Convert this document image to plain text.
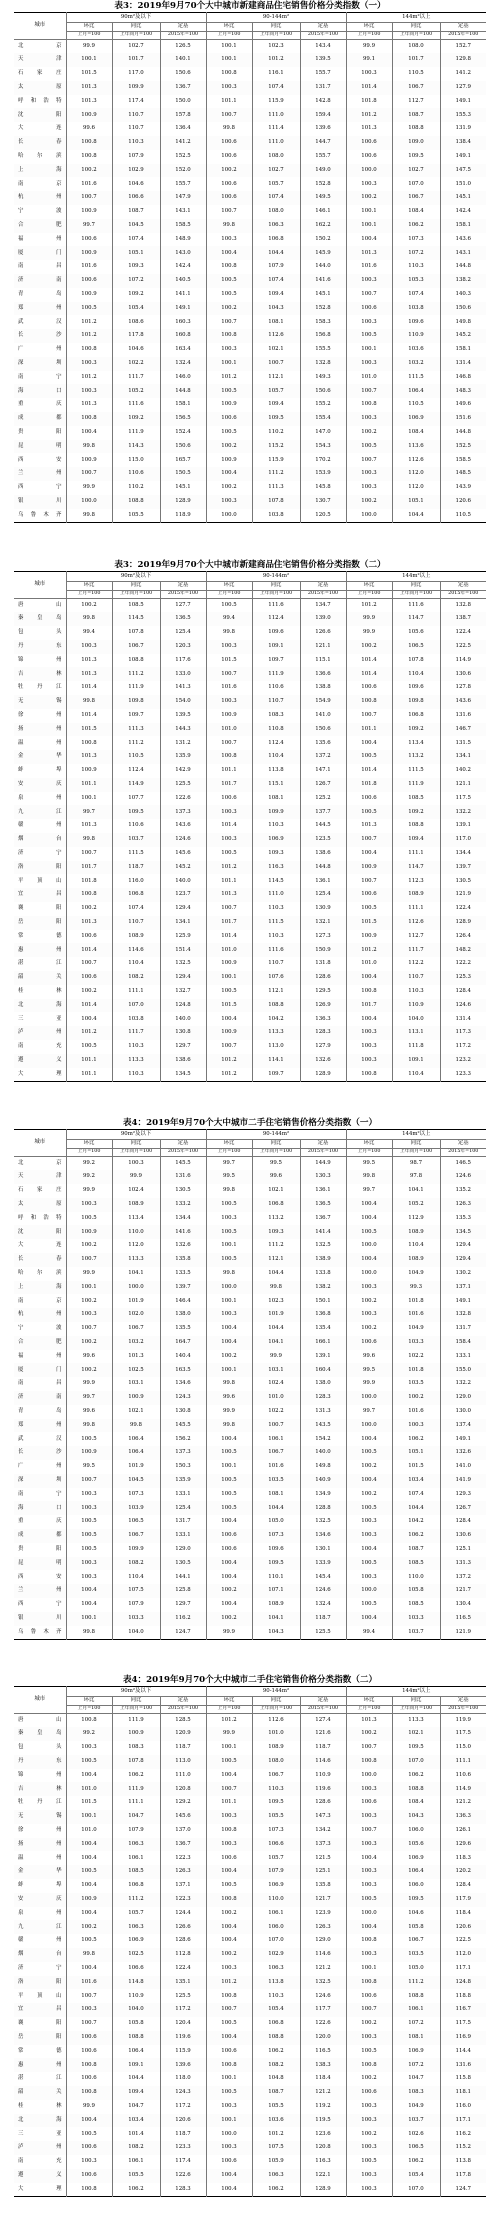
表3：2019年9月70个大中城市新建商品住宅销售价格分类指数（一）
城市	90m²及以下			90-144m²			144m²以上		
	环比	同比	定基	环比	同比	定基	环比	同比	定基
	上月=100	上年同月=100	2015年=100	上月=100	上年同月=100	2015年=100	上月=100	上年同月=100	2015年=100
北　京	99.9	102.7	126.5	100.1	102.3	143.4	99.9	108.0	152.7
天　津	100.1	101.7	140.1	100.1	101.2	139.5	99.1	101.7	129.8
石家庄	101.5	117.0	150.6	100.8	116.1	155.7	100.3	110.5	141.2
太　原	101.3	109.9	136.7	100.3	107.4	131.7	101.4	106.7	127.9
呼和浩特	101.3	117.4	150.0	101.1	115.9	142.8	101.8	112.7	149.1
沈　阳	100.9	110.7	157.8	100.7	111.0	159.4	101.2	108.7	155.3
大　连	99.6	110.7	136.4	99.8	111.4	139.6	101.3	108.8	131.9
长　春	100.8	110.3	141.2	100.6	111.0	144.7	100.6	109.0	138.4
哈尔滨	100.8	107.9	152.5	100.6	108.0	155.7	100.6	109.5	149.1
上　海	100.2	102.9	152.0	100.2	102.7	149.0	100.0	102.7	147.5
南　京	101.6	104.6	155.7	100.6	105.7	152.8	100.3	107.0	151.0
杭　州	100.7	106.6	147.9	100.6	107.4	149.5	100.2	106.7	145.1
宁　波	100.9	108.7	143.1	100.7	108.0	146.1	100.1	108.4	142.4
合　肥	99.7	104.5	158.5	99.8	106.3	162.2	100.1	106.2	158.1
福　州	100.6	107.4	148.9	100.3	106.8	150.2	100.4	107.3	143.6
厦　门	100.9	105.1	143.0	100.4	104.4	145.9	101.3	107.2	143.1
南　昌	101.6	109.3	142.4	100.8	107.9	144.0	101.6	110.3	144.8
济　南	100.6	107.2	140.5	100.5	107.4	141.6	100.3	105.3	138.2
青　岛	100.9	109.2	141.1	100.5	109.4	145.1	100.7	107.4	140.3
郑　州	100.5	105.4	149.1	100.2	104.3	152.8	100.6	103.8	150.6
武　汉	101.2	108.6	160.3	100.7	108.1	158.3	100.3	109.6	149.8
长　沙	101.2	117.8	160.8	100.8	112.6	156.8	100.5	110.9	145.2
广　州	100.8	104.6	163.4	100.3	102.1	155.5	100.1	103.6	158.1
深　圳	100.3	102.2	132.4	100.1	100.7	132.8	100.3	103.2	131.4
南　宁	101.2	111.7	146.0	101.2	112.1	149.3	101.0	111.5	146.8
海　口	100.3	105.2	144.8	100.5	105.7	150.6	100.7	106.4	148.3
重　庆	101.3	111.6	158.1	100.9	109.4	155.2	100.8	110.5	149.6
成　都	100.8	109.2	156.5	100.6	109.5	155.4	100.3	106.9	151.6
贵　阳	100.4	111.9	152.4	100.5	110.2	147.0	100.2	108.4	144.8
昆　明	99.8	114.3	150.6	100.2	115.2	154.3	100.5	113.6	152.5
西　安	100.9	115.0	165.7	100.9	115.9	170.2	100.7	112.6	158.5
兰　州	100.7	110.6	150.5	100.4	111.2	153.9	100.3	112.0	148.5
西　宁	99.9	110.2	145.1	100.2	111.3	145.8	100.3	112.0	143.9
银　川	100.0	108.8	128.9	100.3	107.8	130.7	100.2	105.1	120.6
乌鲁木齐	99.8	105.5	118.9	100.0	103.8	120.5	100.0	104.4	110.5
表3：2019年9月70个大中城市新建商品住宅销售价格分类指数（二）
城市	90m²及以下			90-144m²			144m²以上		
	环比	同比	定基	环比	同比	定基	环比	同比	定基
	上月=100	上年同月=100	2015年=100	上月=100	上年同月=100	2015年=100	上月=100	上年同月=100	2015年=100
唐　山	100.2	108.5	127.7	100.5	111.6	134.7	101.2	111.6	132.8
秦皇岛	99.8	114.5	136.5	99.4	112.4	139.0	99.9	114.7	138.7
包　头	99.4	107.8	125.4	99.8	109.6	126.6	99.9	105.6	122.4
丹　东	100.3	106.7	120.3	100.3	109.1	121.1	100.2	106.5	122.5
锦　州	101.3	108.8	117.6	101.5	109.7	115.1	101.4	107.8	114.9
吉　林	101.3	111.2	133.0	100.7	111.9	136.6	101.4	110.4	130.6
牡丹江	101.4	111.9	141.3	101.6	110.6	138.8	100.6	109.6	127.8
无　锡	99.8	109.8	154.0	100.3	110.7	154.9	100.8	109.8	143.6
徐　州	101.4	109.7	139.5	100.9	108.3	141.0	100.7	106.8	131.6
扬　州	101.5	111.3	144.3	101.0	110.8	150.6	101.1	109.2	146.7
温　州	100.8	111.2	131.2	100.7	112.4	135.6	100.4	113.4	131.5
金　华	101.3	110.5	135.9	100.8	110.4	137.2	100.5	113.2	134.1
蚌　埠	100.9	112.4	142.9	101.1	113.8	147.1	101.4	111.5	140.2
安　庆	101.1	114.9	125.5	101.7	115.1	126.7	101.8	111.9	121.1
泉　州	100.1	107.7	122.6	100.6	108.1	125.2	100.6	108.5	117.5
九　江	99.7	109.5	137.3	100.3	109.9	137.7	100.5	109.2	132.2
赣　州	101.3	110.6	143.6	101.4	110.3	144.5	101.3	108.8	139.1
烟　台	99.8	103.7	124.6	100.3	106.9	123.5	100.7	109.4	117.0
济　宁	100.7	111.5	145.6	100.5	109.3	138.6	100.4	111.1	134.4
洛　阳	101.7	118.7	145.2	101.2	116.3	144.8	100.9	114.7	139.7
平顶山	101.8	116.0	140.0	101.1	114.5	136.1	100.7	112.3	130.5
宜　昌	100.8	106.8	123.7	101.3	111.0	125.4	100.6	108.9	121.9
襄　阳	100.2	107.4	129.4	100.7	110.3	130.9	100.5	111.1	122.4
岳　阳	101.3	110.7	134.1	101.7	111.5	132.1	101.5	112.6	128.9
常　德	100.6	108.9	125.9	101.4	110.3	127.3	100.9	112.7	126.4
惠　州	101.4	114.6	151.4	101.0	111.6	150.9	101.2	111.7	148.2
湛　江	100.7	110.4	132.5	100.9	110.7	131.8	101.0	112.2	122.2
韶　关	100.6	108.2	129.4	100.1	107.6	128.6	100.4	110.7	125.3
桂　林	100.2	111.1	132.7	100.5	112.1	129.5	100.8	110.3	128.4
北　海	101.4	107.0	124.8	101.5	108.8	126.9	101.7	110.9	124.6
三　亚	100.4	103.8	140.0	100.4	104.2	136.3	100.4	104.0	131.4
泸　州	101.2	111.7	130.8	100.9	113.3	128.3	100.3	113.1	117.3
南　充	100.5	110.3	129.7	100.7	113.0	127.9	100.3	111.8	117.2
遵　义	101.1	113.3	138.6	101.2	114.1	132.6	100.3	109.1	123.2
大　理	101.1	110.3	134.5	101.2	109.7	128.9	100.8	110.4	123.3
表4：2019年9月70个大中城市二手住宅销售价格分类指数（一）
城市	90m²及以下			90-144m²			144m²以上		
	环比	同比	定基	环比	同比	定基	环比	同比	定基
	上月=100	上年同月=100	2015年=100	上月=100	上年同月=100	2015年=100	上月=100	上年同月=100	2015年=100
北　京	99.2	100.3	145.5	99.7	99.5	144.9	99.5	98.7	146.5
天　津	99.2	99.9	131.6	99.5	99.6	130.3	99.8	97.8	124.6
石家庄	99.9	102.4	130.5	99.8	102.1	136.1	99.7	104.1	135.2
太　原	100.3	108.9	133.2	100.5	106.8	136.5	100.4	105.2	126.3
呼和浩特	100.5	113.4	134.4	100.3	113.2	136.7	100.4	112.9	135.3
沈　阳	100.9	110.0	141.6	100.5	109.3	141.4	100.5	108.9	134.5
大　连	100.2	112.0	132.6	100.1	111.2	132.5	100.0	110.4	129.4
长　春	100.7	113.3	135.8	100.5	112.1	138.9	100.4	108.9	129.4
哈尔滨	99.9	104.1	133.5	99.8	104.4	133.8	100.0	104.9	130.2
上　海	100.1	100.0	139.7	100.0	99.8	138.2	100.3	99.3	137.1
南　京	100.2	101.9	146.4	100.1	102.3	150.1	100.2	101.8	149.1
杭　州	100.3	102.0	138.0	100.3	101.9	136.8	100.3	101.6	132.8
宁　波	100.7	106.7	135.5	100.4	104.4	135.4	100.2	104.9	131.7
合　肥	100.2	103.2	164.7	100.4	104.1	166.1	100.6	103.3	158.4
福　州	99.6	101.3	140.4	100.2	99.9	139.1	99.6	102.2	133.1
厦　门	100.2	102.5	163.5	100.1	103.1	160.4	99.5	101.8	155.0
南　昌	99.9	103.1	134.6	99.8	102.4	138.0	99.9	103.5	132.2
济　南	99.7	100.9	124.3	99.6	101.0	128.3	100.0	100.2	129.0
青　岛	99.6	102.1	130.8	99.9	102.2	131.3	99.7	101.6	130.0
郑　州	99.8	99.8	145.5	99.8	100.7	143.5	100.0	100.3	137.4
武　汉	100.5	106.4	156.2	100.4	106.1	154.2	100.4	106.2	149.1
长　沙	100.9	106.4	137.3	100.5	106.7	140.0	100.5	105.1	132.6
广　州	99.5	101.9	150.3	100.1	101.6	149.8	100.2	101.5	141.0
深　圳	100.7	104.5	135.9	100.5	103.5	140.9	100.4	103.4	141.9
南　宁	100.3	107.3	133.1	100.5	108.1	134.9	100.2	107.4	129.3
海　口	100.3	103.9	125.4	100.5	104.4	128.8	100.5	104.4	126.7
重　庆	100.5	106.5	131.7	100.4	105.0	132.5	100.3	104.2	128.4
成　都	100.5	106.7	133.1	100.6	107.3	134.6	100.3	106.2	130.6
贵　阳	100.5	109.9	129.0	100.6	109.6	130.1	100.4	108.7	125.1
昆　明	100.3	108.2	130.5	100.4	109.5	133.9	100.5	108.5	131.3
西　安	100.3	110.4	144.1	100.4	110.1	145.4	100.3	110.0	137.2
兰　州	100.4	107.5	125.8	100.2	107.1	124.6	100.0	105.8	121.7
西　宁	100.4	107.9	129.7	100.4	108.9	132.4	100.5	108.5	130.4
银　川	100.1	103.3	116.2	100.2	104.1	118.7	100.4	103.3	116.5
乌鲁木齐	99.8	104.0	124.7	99.9	104.3	125.5	99.4	103.7	121.9
表4：2019年9月70个大中城市二手住宅销售价格分类指数（二）
城市	90m²及以下			90-144m²			144m²以上		
	环比	同比	定基	环比	同比	定基	环比	同比	定基
	上月=100	上年同月=100	2015年=100	上月=100	上年同月=100	2015年=100	上月=100	上年同月=100	2015年=100
唐　山	100.8	111.9	128.5	101.2	112.6	127.4	101.3	113.3	119.9
秦皇岛	99.2	100.9	120.9	99.9	101.0	121.6	100.2	102.1	117.5
包　头	100.3	108.3	118.7	100.1	108.9	118.7	100.7	109.5	115.0
丹　东	100.5	107.8	113.0	100.5	108.0	114.6	100.8	107.0	111.1
锦　州	100.4	106.2	111.0	100.4	106.7	110.9	100.0	106.2	110.6
吉　林	101.0	111.9	120.8	100.7	110.3	119.6	100.3	108.8	114.9
牡丹江	101.5	111.1	129.2	101.1	109.5	128.6	100.6	108.4	121.2
无　锡	100.1	104.7	145.6	100.3	105.5	147.3	100.3	104.3	136.3
徐　州	101.0	107.9	137.0	100.8	107.3	134.2	100.7	106.0	126.1
扬　州	100.4	106.3	136.7	100.3	106.6	137.3	100.3	105.6	129.6
温　州	100.4	106.1	122.3	100.6	105.7	121.5	100.4	106.9	118.3
金　华	100.5	108.5	126.3	100.4	107.9	125.1	100.3	106.4	120.2
蚌　埠	100.4	106.8	137.1	100.5	106.9	135.8	100.3	106.0	128.4
安　庆	100.9	111.2	122.3	100.8	110.0	121.7	100.5	109.5	117.9
泉　州	100.4	105.7	124.4	100.2	106.1	123.9	100.0	104.6	118.4
九　江	100.2	106.3	126.6	100.4	106.0	126.3	100.4	105.8	120.6
赣　州	100.5	106.9	128.6	100.4	107.0	129.0	100.8	106.7	122.5
烟　台	99.8	102.5	112.8	100.2	102.9	114.6	100.3	103.5	112.0
济　宁	100.4	106.6	122.4	100.3	106.3	121.2	100.1	105.0	117.1
洛　阳	101.6	114.8	135.1	101.2	113.8	132.5	100.8	111.2	124.8
平顶山	100.7	110.9	125.5	100.8	110.3	124.6	100.6	108.8	118.8
宜　昌	100.3	104.0	117.2	100.7	105.4	117.7	100.7	106.1	116.7
襄　阳	100.7	105.8	120.4	100.5	106.8	122.6	100.2	107.2	117.5
岳　阳	100.6	108.8	119.6	100.4	108.8	120.0	100.3	108.1	116.9
常　德	100.6	106.4	115.9	100.6	106.2	116.5	100.5	106.9	114.4
惠　州	100.8	109.1	139.6	100.8	108.2	138.3	100.8	107.2	131.6
湛　江	100.6	104.4	118.0	100.1	104.8	118.4	100.2	104.7	115.8
韶　关	100.8	109.4	124.3	100.5	108.7	121.2	100.6	108.3	118.1
桂　林	99.9	104.7	117.2	100.3	105.5	119.2	100.3	104.9	116.0
北　海	100.4	103.4	120.6	100.1	103.6	119.5	100.3	103.7	117.1
三　亚	100.5	101.4	118.7	100.0	101.2	123.6	100.2	102.6	116.2
泸　州	100.6	108.2	123.3	100.3	107.5	120.8	100.3	106.5	115.2
南　充	100.3	106.1	117.4	100.6	105.9	116.3	100.5	106.2	113.8
遵　义	100.6	105.5	122.6	100.4	106.3	122.1	100.3	105.4	117.8
大　理	100.8	106.2	128.3	100.4	106.2	128.9	100.3	107.0	124.7
